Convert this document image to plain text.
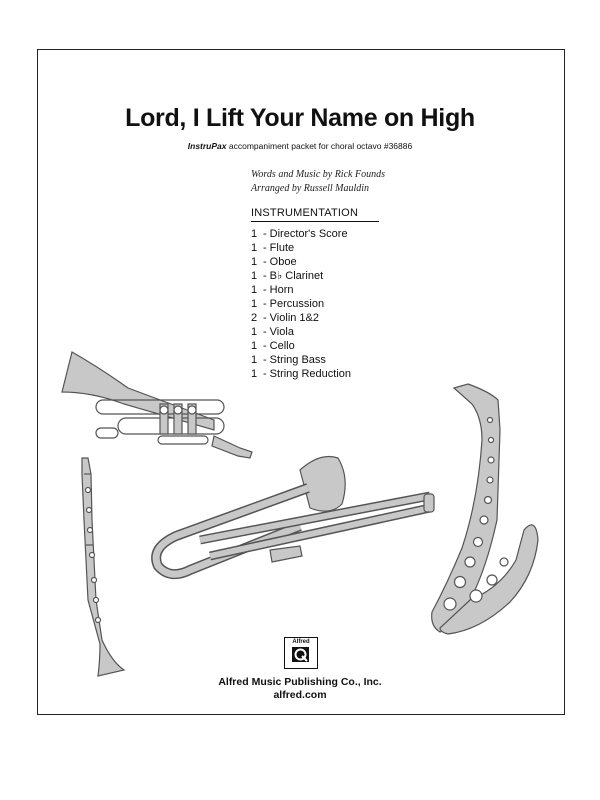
Lord, I Lift Your Name on High
InstruPax accompaniment packet for choral octavo #36886
Words and Music by Rick Founds
Arranged by Russell Mauldin
INSTRUMENTATION
1 - Director's Score
1 - Flute
1 - Oboe
1 - B♭ Clarinet
1 - Horn
1 - Percussion
2 - Violin 1&2
1 - Viola
1 - Cello
1 - String Bass
1 - String Reduction
Alfred
Alfred Music Publishing Co., Inc.
alfred.com
